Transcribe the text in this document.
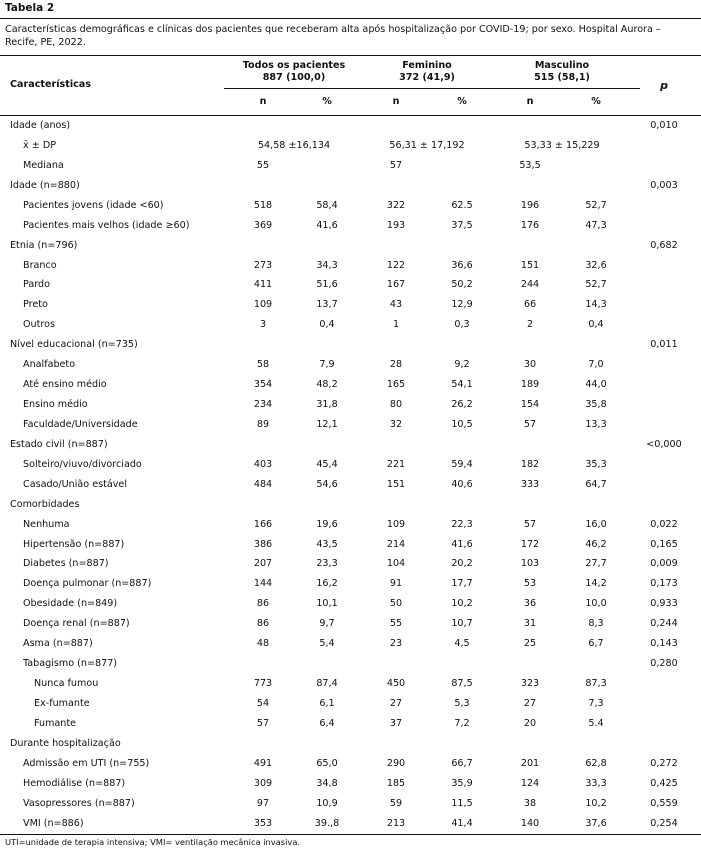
Tabela 2
Características demográficas e clínicas dos pacientes que receberam alta após hospitalização por COVID-19; por sexo. Hospital Aurora – Recife, PE, 2022.
Características
Todos os pacientes
887 (100,0)
Feminino
372 (41,9)
Masculino
515 (58,1)
p
n	%	n	%	n	%
Idade (anos)	0,010
x̄ ± DP	54,58 ±16,134	56,31 ± 17,192	53,33 ± 15,229
Mediana	55	57	53,5
Idade (n=880)	0,003
Pacientes jovens (idade <60)	518	58,4	322	62.5	196	52,7
Pacientes mais velhos (idade ≥60)	369	41,6	193	37,5	176	47,3
Etnia (n=796)	0,682
Branco	273	34,3	122	36,6	151	32,6
Pardo	411	51,6	167	50,2	244	52,7
Preto	109	13,7	43	12,9	66	14,3
Outros	3	0,4	1	0,3	2	0,4
Nível educacional (n=735)	0,011
Analfabeto	58	7,9	28	9,2	30	7,0
Até ensino médio	354	48,2	165	54,1	189	44,0
Ensino médio	234	31,8	80	26,2	154	35,8
Faculdade/Universidade	89	12,1	32	10,5	57	13,3
Estado civil (n=887)	<0,000
Solteiro/viuvo/divorciado	403	45,4	221	59,4	182	35,3
Casado/União estável	484	54,6	151	40,6	333	64,7
Comorbidades
Nenhuma	166	19,6	109	22,3	57	16,0	0,022
Hipertensão (n=887)	386	43,5	214	41,6	172	46,2	0,165
Diabetes (n=887)	207	23,3	104	20,2	103	27,7	0,009
Doença pulmonar (n=887)	144	16,2	91	17,7	53	14,2	0,173
Obesidade (n=849)	86	10,1	50	10,2	36	10,0	0,933
Doença renal (n=887)	86	9,7	55	10,7	31	8,3	0,244
Asma (n=887)	48	5,4	23	4,5	25	6,7	0,143
Tabagismo (n=877)	0,280
Nunca fumou	773	87,4	450	87,5	323	87,3
Ex-fumante	54	6,1	27	5,3	27	7,3
Fumante	57	6,4	37	7,2	20	5.4
Durante hospitalização
Admissão em UTI (n=755)	491	65,0	290	66,7	201	62,8	0,272
Hemodiálise (n=887)	309	34,8	185	35,9	124	33,3	0,425
Vasopressores (n=887)	97	10,9	59	11,5	38	10,2	0,559
VMI (n=886)	353	39.,8	213	41,4	140	37,6	0,254
UTI=unidade de terapia intensiva; VMI= ventilação mecânica invasiva.
